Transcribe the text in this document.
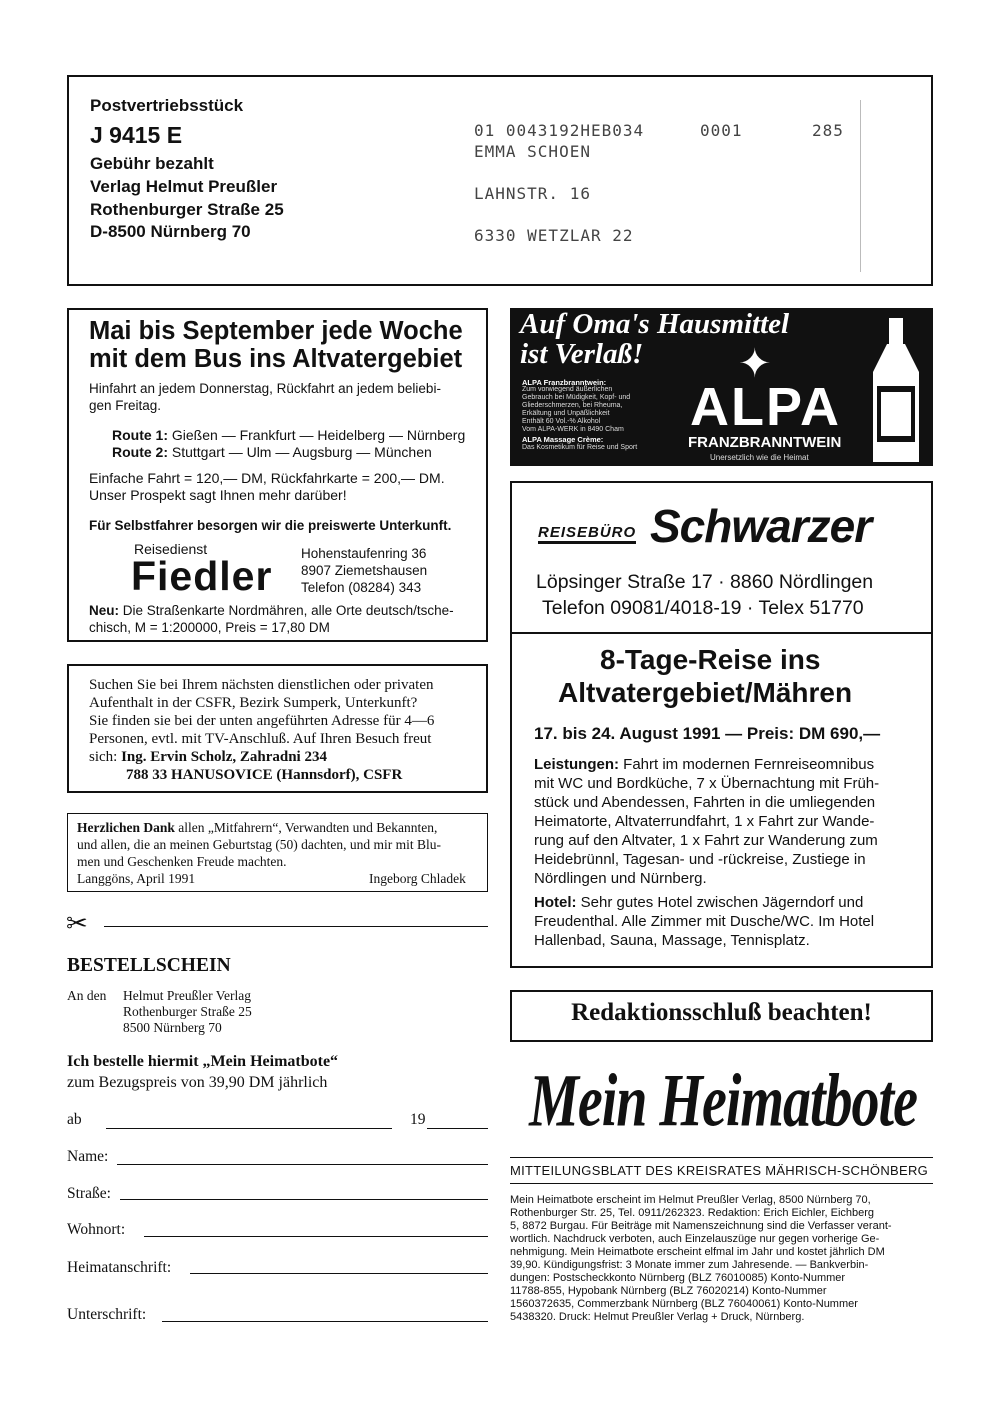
Postvertriebsstück
J 9415 E
Gebühr bezahlt
Verlag Helmut Preußler
Rothenburger Straße 25
D-8500 Nürnberg 70
01 0043192HEB034	0001	285
EMMA SCHOEN
LAHNSTR. 16
6330 WETZLAR 22
Mai bis September jede Woche
mit dem Bus ins Altvatergebiet
Hinfahrt an jedem Donnerstag, Rückfahrt an jedem beliebi-
gen Freitag.
Route 1: Gießen — Frankfurt — Heidelberg — Nürnberg
Route 2: Stuttgart — Ulm — Augsburg — München
Einfache Fahrt = 120,— DM, Rückfahrkarte = 200,— DM.
Unser Prospekt sagt Ihnen mehr darüber!
Für Selbstfahrer besorgen wir die preiswerte Unterkunft.
Reisedienst
Fiedler Hohenstaufenring 36
8907 Ziemetshausen
Telefon (08284) 343
Neu: Die Straßenkarte Nordmähren, alle Orte deutsch/tsche-
chisch, M = 1:200000, Preis = 17,80 DM
Auf Oma's Hausmittel
ist Verlaß!
ALPA Franzbranntwein:
Zum vorwiegend äußerlichen
Gebrauch bei Müdigkeit, Kopf- und
Gliederschmerzen, bei Rheuma,
Erkältung und Unpäßlichkeit
Enthält 60 Vol.-% Alkohol
Vom ALPA-WERK in 8490 Cham
ALPA Massage Crème:
Das Kosmetikum für Reise und Sport
✦
ALPA
FRANZBRANNTWEIN
Unersetzlich wie die Heimat
REISEBÜRO Schwarzer
Löpsinger Straße 17 · 8860 Nördlingen
Telefon 09081/4018-19 · Telex 51770
8-Tage-Reise ins
Altvatergebiet/Mähren
17. bis 24. August 1991 — Preis: DM 690,—
Leistungen: Fahrt im modernen Fernreiseomnibus
mit WC und Bordküche, 7 x Übernachtung mit Früh-
stück und Abendessen, Fahrten in die umliegenden
Heimatorte, Altvaterrundfahrt, 1 x Fahrt zur Wande-
rung auf den Altvater, 1 x Fahrt zur Wanderung zum
Heidebrünnl, Tagesan- und -rückreise, Zustiege in
Nördlingen und Nürnberg.
Hotel: Sehr gutes Hotel zwischen Jägerndorf und
Freudenthal. Alle Zimmer mit Dusche/WC. Im Hotel
Hallenbad, Sauna, Massage, Tennisplatz.
Suchen Sie bei Ihrem nächsten dienstlichen oder privaten
Aufenthalt in der CSFR, Bezirk Sumperk, Unterkunft?
Sie finden sie bei der unten angeführten Adresse für 4—6
Personen, evtl. mit TV-Anschluß. Auf Ihren Besuch freut
sich: Ing. Ervin Scholz, Zahradni 234
788 33 HANUSOVICE (Hannsdorf), CSFR
Herzlichen Dank allen „Mitfahrern“, Verwandten und Bekannten,
und allen, die an meinen Geburtstag (50) dachten, und mir mit Blu-
men und Geschenken Freude machten.
Langgöns, April 1991	Ingeborg Chladek
✂
BESTELLSCHEIN
An den Helmut Preußler Verlag
Rothenburger Straße 25
8500 Nürnberg 70
Ich bestelle hiermit „Mein Heimatbote“
zum Bezugspreis von 39,90 DM jährlich
ab	19
Name:
Straße:
Wohnort:
Heimatanschrift:
Unterschrift:
Redaktionsschluß beachten!
Mein Heimatbote
MITTEILUNGSBLATT DES KREISRATES MÄHRISCH-SCHÖNBERG
Mein Heimatbote erscheint im Helmut Preußler Verlag, 8500 Nürnberg 70,
Rothenburger Str. 25, Tel. 0911/262323. Redaktion: Erich Eichler, Eichberg
5, 8872 Burgau. Für Beiträge mit Namenszeichnung sind die Verfasser verant-
wortlich. Nachdruck verboten, auch Einzelauszüge nur gegen vorherige Ge-
nehmigung. Mein Heimatbote erscheint elfmal im Jahr und kostet jährlich DM
39,90. Kündigungsfrist: 3 Monate immer zum Jahresende. — Bankverbin-
dungen: Postscheckkonto Nürnberg (BLZ 76010085) Konto-Nummer
11788-855, Hypobank Nürnberg (BLZ 76020214) Konto-Nummer
1560372635, Commerzbank Nürnberg (BLZ 76040061) Konto-Nummer
5438320. Druck: Helmut Preußler Verlag + Druck, Nürnberg.
